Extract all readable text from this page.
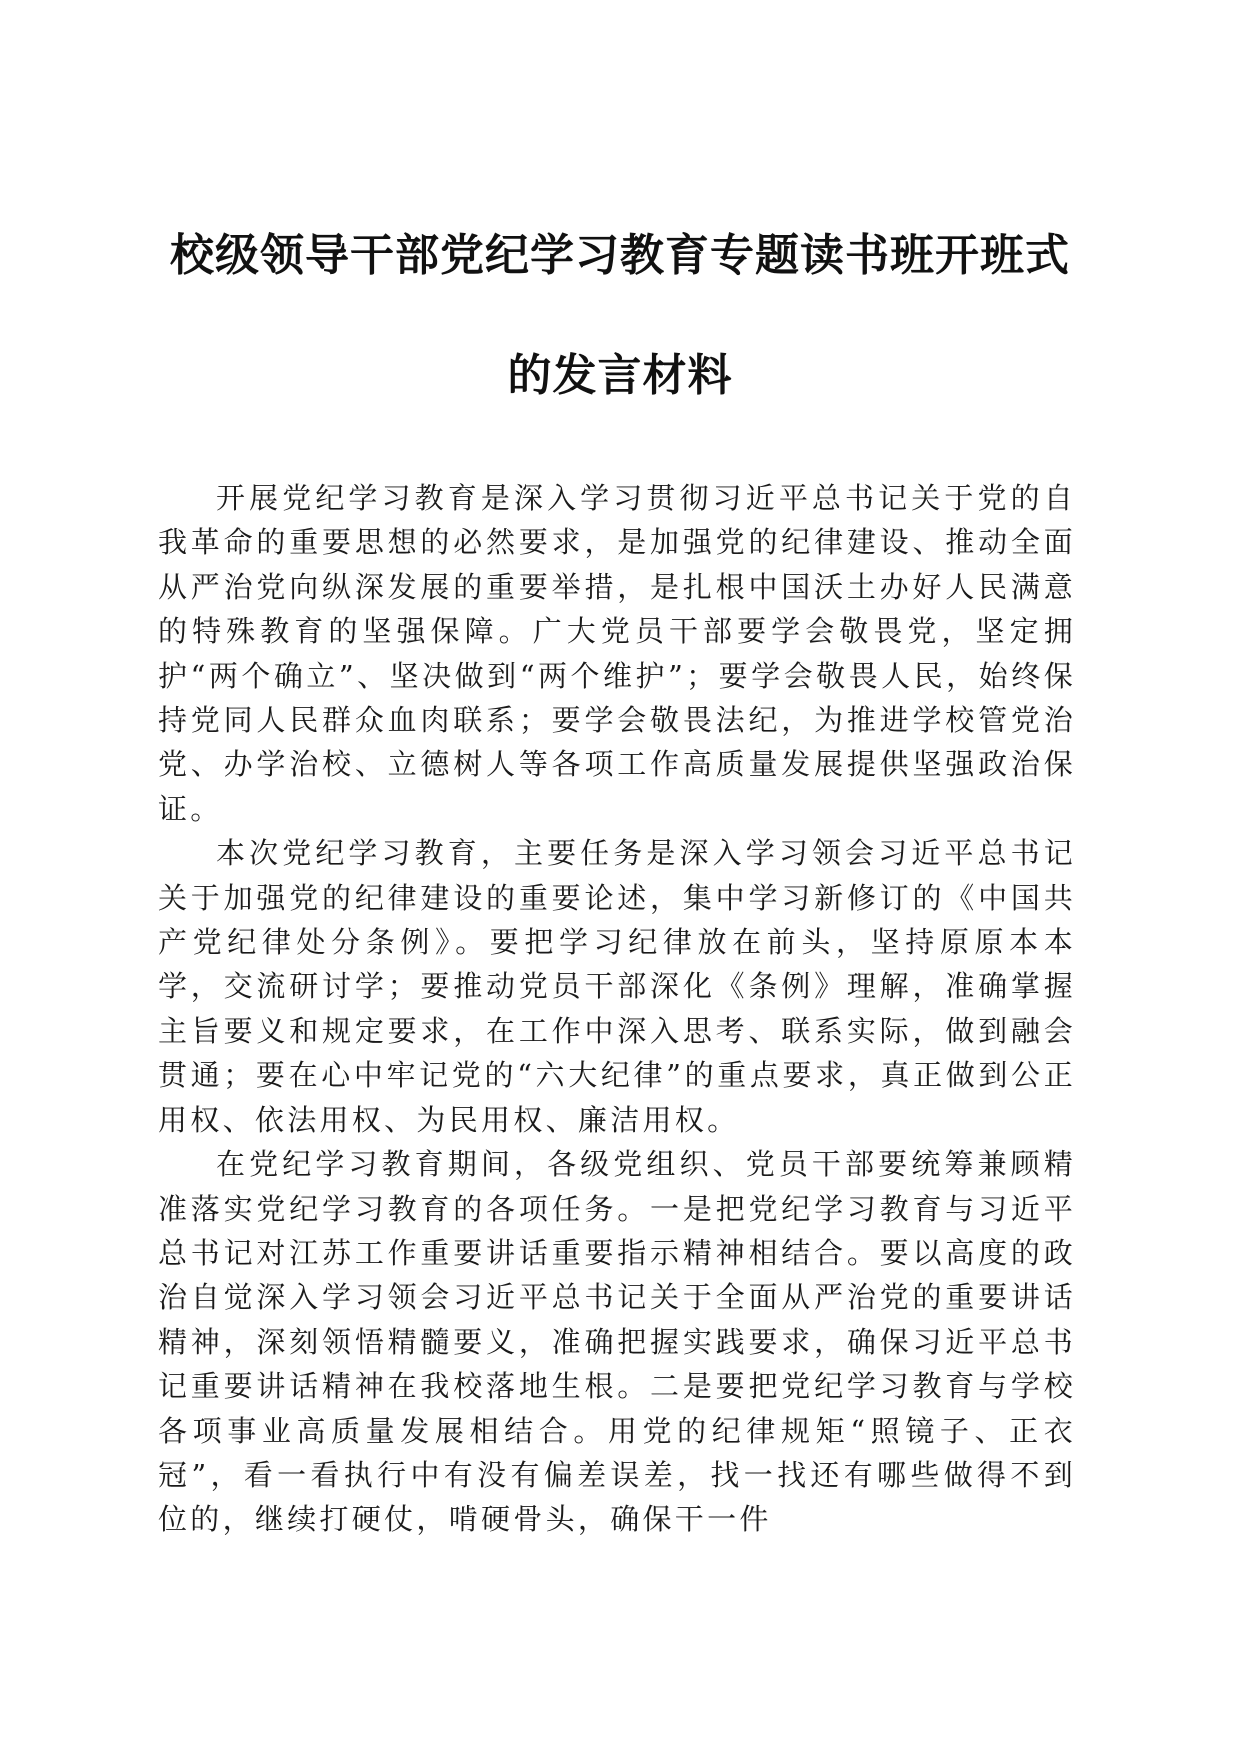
校级领导干部党纪学习教育专题读书班开班式
的发言材料

开展党纪学习教育是深入学习贯彻习近平总书记关于党的自我革命的重要思想的必然要求，是加强党的纪律建设、推动全面从严治党向纵深发展的重要举措，是扎根中国沃土办好人民满意的特殊教育的坚强保障。广大党员干部要学会敬畏党，坚定拥护“两个确立”、坚决做到“两个维护”；要学会敬畏人民，始终保持党同人民群众血肉联系；要学会敬畏法纪，为推进学校管党治党、办学治校、立德树人等各项工作高质量发展提供坚强政治保证。

本次党纪学习教育，主要任务是深入学习领会习近平总书记关于加强党的纪律建设的重要论述，集中学习新修订的《中国共产党纪律处分条例》。要把学习纪律放在前头，坚持原原本本学，交流研讨学；要推动党员干部深化《条例》理解，准确掌握主旨要义和规定要求，在工作中深入思考、联系实际，做到融会贯通；要在心中牢记党的“六大纪律”的重点要求，真正做到公正用权、依法用权、为民用权、廉洁用权。

在党纪学习教育期间，各级党组织、党员干部要统筹兼顾精准落实党纪学习教育的各项任务。一是把党纪学习教育与习近平总书记对江苏工作重要讲话重要指示精神相结合。要以高度的政治自觉深入学习领会习近平总书记关于全面从严治党的重要讲话精神，深刻领悟精髓要义，准确把握实践要求，确保习近平总书记重要讲话精神在我校落地生根。二是要把党纪学习教育与学校各项事业高质量发展相结合。用党的纪律规矩“照镜子、正衣冠”，看一看执行中有没有偏差误差，找一找还有哪些做得不到位的，继续打硬仗，啃硬骨头，确保干一件
